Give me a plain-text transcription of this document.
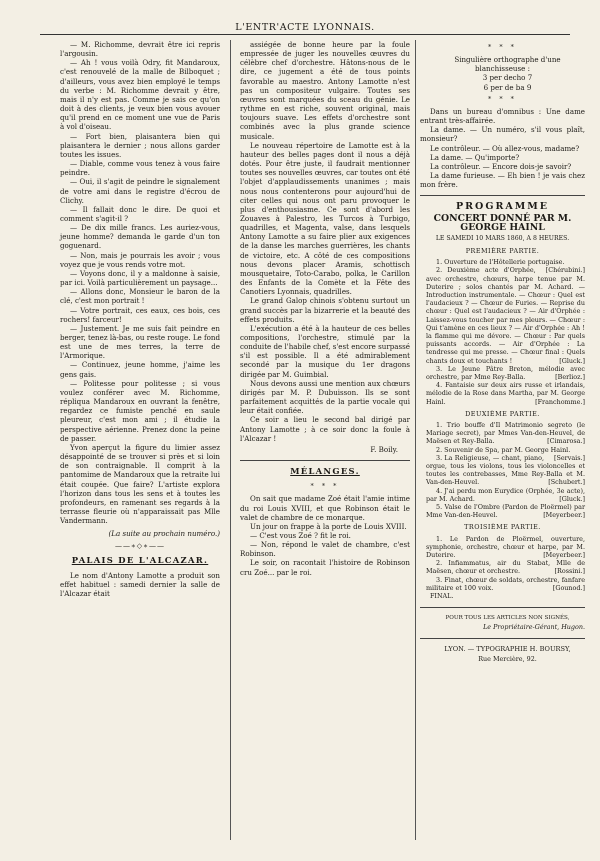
L'ENTR'ACTE LYONNAIS.

— M. Richomme, devrait être ici repris l'argousin.

— Ah ! vous voilà Odry, fit Mandaroux, c'est renouvelé de la malle de Bilboquet ; d'ailleurs, vous avez bien employé le temps du verbe : M. Richomme devrait y être, mais il n'y est pas. Comme je sais ce qu'on doit à des clients, je veux bien vous avouer qu'il prend en ce moment une vue de Paris à vol d'oiseau.

— Fort bien, plaisantera bien qui plaisantera le dernier ; nous allons garder toutes les issues.

— Diable, comme vous tenez à vous faire peindre.

— Oui, il s'agit de peindre le signalement de votre ami dans le registre d'écrou de Clichy.

— Il fallait donc le dire. De quoi et comment s'agit-il ?

— De dix mille francs. Les auriez-vous, jeune homme? demanda le garde d'un ton goguenard.

— Non, mais je pourrais les avoir ; vous voyez que je vous rends votre mot.

— Voyons donc, il y a maldonne à saisie, par ici. Voilà particulièrement un paysage...

— Allons donc, Monsieur le baron de la clé, c'est mon portrait !

— Votre portrait, ces eaux, ces bois, ces rochers! farceur!

— Justement. Je me suis fait peindre en berger, tenez là-bas, ou reste rouge. Le fond est une de mes terres, la terre de l'Armorique.

— Continuez, jeune homme, j'aime les gens gais.

— Politesse pour politesse ; si vous voulez conférer avec M. Richomme, répliqua Mandaroux en ouvrant la fenêtre, regardez ce fumiste penché en saule pleureur, c'est mon ami ; il étudie la perspective aérienne. Prenez donc la peine de passer.

Yvon aperçut la figure du limier assez désappointé de se trouver si près et si loin de son contraignable. Il comprit à la pantomime de Mandaroux que la retraite lui était coupée. Que faire? L'artiste explora l'horizon dans tous les sens et à toutes les profondeurs, en ramenant ses regards à la terrasse fleurie où n'apparaissait pas Mlle Vandermann.

(La suite au prochain numéro.)

——∗◇∗——
PALAIS DE L'ALCAZAR.

Le nom d'Antony Lamotte a produit son effet habituel : samedi dernier la salle de l'Alcazar était

assiégée de bonne heure par la foule empressée de juger les nouvelles œuvres du célèbre chef d'orchestre. Hâtons-nous de le dire, ce jugement a été de tous points favorable au maestro. Antony Lamotte n'est pas un compositeur vulgaire. Toutes ses œuvres sont marquées du sceau du génie. Le rythme en est riche, souvent original, mais toujours suave. Les effets d'orchestre sont combinés avec la plus grande science musicale.

Le nouveau répertoire de Lamotte est à la hauteur des belles pages dont il nous a déjà dotés. Pour être juste, il faudrait mentionner toutes ses nouvelles œuvres, car toutes ont été l'objet d'applaudissements unanimes ; mais nous nous contenterons pour aujourd'hui de citer celles qui nous ont paru provoquer le plus d'enthousiasme. Ce sont d'abord les Zouaves à Palestro, les Turcos à Turbigo, quadrilles, et Magenta, valse, dans lesquels Antony Lamotte a su faire plier aux exigences de la danse les marches guerrières, les chants de victoire, etc. A côté de ces compositions nous devons placer Aramis, schottisch mousquetaire, Toto-Carabo, polka, le Carillon des Enfants de la Comète et la Fête des Canotiers Lyonnais, quadrilles.

Le grand Galop chinois s'obtenu surtout un grand succès par la bizarrerie et la beauté des effets produits.

L'exécution a été à la hauteur de ces belles compositions, l'orchestre, stimulé par la conduite de l'habile chef, s'est encore surpassé s'il est possible. Il a été admirablement secondé par la musique du 1er dragons dirigée par M. Guimbial.

Nous devons aussi une mention aux chœurs dirigés par M. P. Dubuisson. Ils se sont parfaitement acquittés de la partie vocale qui leur était confiée.

Ce soir a lieu le second bal dirigé par Antony Lamotte ; à ce soir donc la foule à l'Alcazar !

F. Boily.

MÉLANGES.
* * *

On sait que madame Zoé était l'amie intime du roi Louis XVIII, et que Robinson était le valet de chambre de ce monarque.

Un jour on frappe à la porte de Louis XVIII.

— C'est vous Zoé ? fit le roi.

— Non, répond le valet de chambre, c'est Robinson.

Le soir, on racontait l'histoire de Robinson cru Zoé... par le roi.

* * *

Singulière orthographe d'une blanchisseuse :

3 per decho 7

6 per de ba 9

* * *

Dans un bureau d'omnibus : Une dame entrant très-affairée.

La dame. — Un numéro, s'il vous plaît, monsieur?

Le contrôleur. — Où allez-vous, madame?

La dame. — Qu'importe?

La contrôleur. — Encore dois-je savoir?

La dame furieuse. — Eh bien ! je vais chez mon frère.

PROGRAMME
CONCERT DONNÉ PAR M. GEORGE HAINL
LE SAMEDI 10 MARS 1860, A 8 HEURES.
PREMIÈRE PARTIE.

1. Ouverture de l'Hôtellerie portugaise.
[Chérubini.]

2. Deuxième acte d'Orphée, avec orchestre, chœurs, harpe tenue par M. Duterire ; solos chantés par M. Achard. — Introduction instrumentale. — Chœur : Quel est l'audacieux ? — Chœur de Furies. — Reprise du chœur : Quel est l'audacieux ? — Air d'Orphée : Laissez-vous toucher par mes pleurs. — Chœur : Qui t'amène en ces lieux ? — Air d'Orphée : Ah ! la flamme qui me dévore. — Chœur : Par quels puissants accords. — Air d'Orphée : La tendresse qui me presse. — Chœur final : Quels chants doux et touchants !	[Gluck.]

3. Le Jeune Pâtre Breton, mélodie avec orchestre, par Mme Rey-Balla.	[Berlioz.]

4. Fantaisie sur deux airs russe et irlandais, mélodie de la Rose dans Martha, par M. George Hainl.	[Franchomme.]

DEUXIÈME PARTIE.

1. Trio bouffe d'Il Matrimonio segreto (le Mariage secret), par Mmes Van-den-Heuvel, de Maësen et Rey-Balla.	[Cimarosa.]

2. Souvenir de Spa, par M. George Hainl.
[Servais.]

3. La Religieuse, — chant, piano, orgue, tous les violons, tous les violoncelles et toutes les contrebasses, Mme Rey-Balla et M. Van-den-Heuvel.	[Schubert.]

4. J'ai perdu mon Eurydice (Orphée, 3e acte), par M. Achard.	[Gluck.]

5. Valse de l'Ombre (Pardon de Ploërmel) par Mme Van-den-Heuvel.	[Meyerbeer.]

TROISIÈME PARTIE.

1. Le Pardon de Ploërmel, ouverture, symphonie, orchestre, chœur et harpe, par M. Duterire.	[Meyerbeer.]

2. Infiammatus, air du Stabat, Mlle de Maësen, chœur et orchestre.	[Rossini.]

3. Finat, chœur de soldats, orchestre, fanfare militaire et 100 voix.	[Gounod.]

FINAL.

POUR TOUS LES ARTICLES NON SIGNÉS,

Le Propriétaire-Gérant, Hugon.

LYON. — TYPOGRAPHIE H. BOURSY,

Rue Mercière, 92.
